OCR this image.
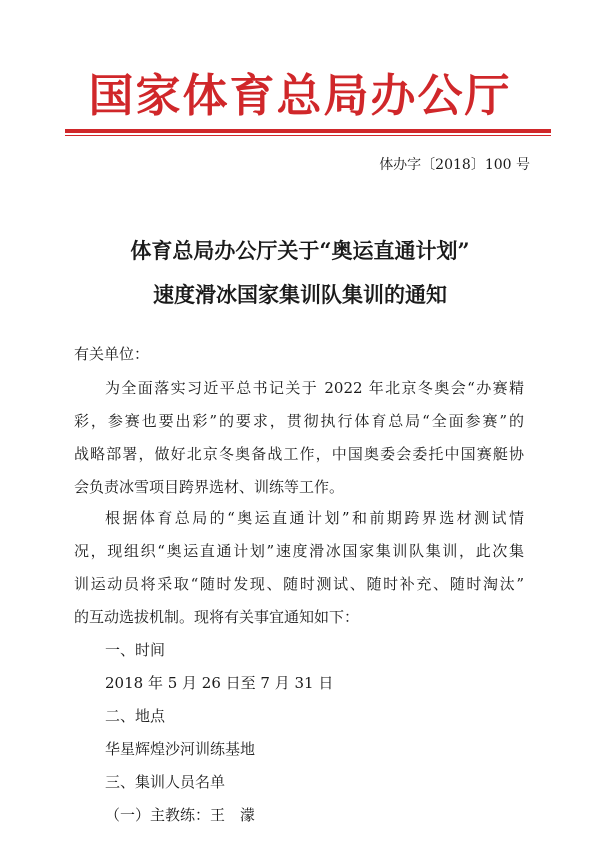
国家体育总局办公厅
体办字〔2018〕100 号
体育总局办公厅关于“奥运直通计划”
速度滑冰国家集训队集训的通知
有关单位：
为全面落实习近平总书记关于 2022 年北京冬奥会“办赛精
彩，参赛也要出彩”的要求，贯彻执行体育总局“全面参赛”的
战略部署，做好北京冬奥备战工作，中国奥委会委托中国赛艇协
会负责冰雪项目跨界选材、训练等工作。
根据体育总局的“奥运直通计划”和前期跨界选材测试情
况，现组织“奥运直通计划”速度滑冰国家集训队集训，此次集
训运动员将采取“随时发现、随时测试、随时补充、随时淘汰”
的互动选拔机制。现将有关事宜通知如下：
一、时间
2018 年 5 月 26 日至 7 月 31 日
二、地点
华星辉煌沙河训练基地
三、集训人员名单
（一）主教练：王　濛
